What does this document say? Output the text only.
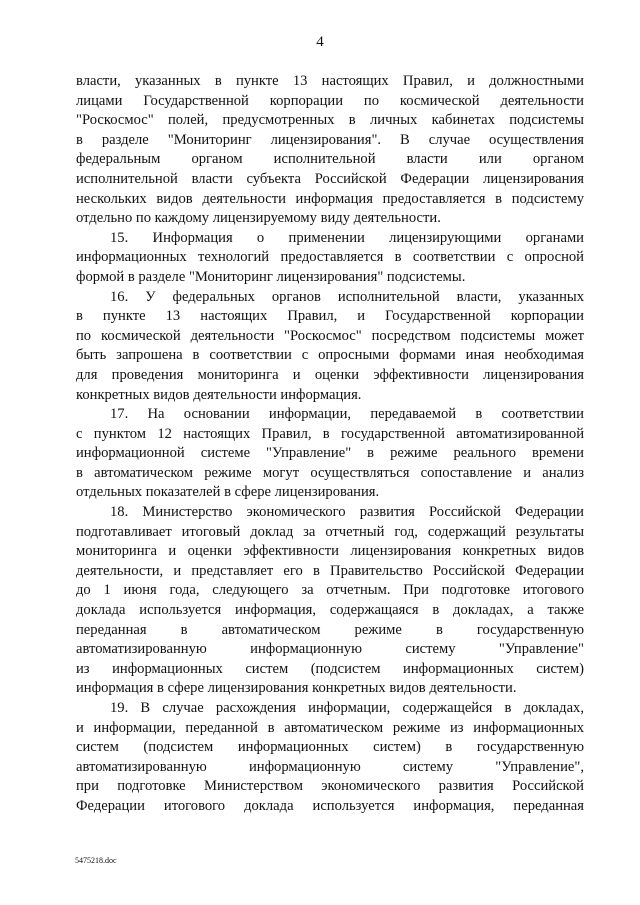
4
власти, указанных в пункте 13 настоящих Правил, и должностными
лицами Государственной корпорации по космической деятельности
"Роскосмос" полей, предусмотренных в личных кабинетах подсистемы
в разделе "Мониторинг лицензирования". В случае осуществления
федеральным органом исполнительной власти или органом
исполнительной власти субъекта Российской Федерации лицензирования
нескольких видов деятельности информация предоставляется в подсистему
отдельно по каждому лицензируемому виду деятельности.
15. Информация о применении лицензирующими органами
информационных технологий предоставляется в соответствии с опросной
формой в разделе "Мониторинг лицензирования" подсистемы.
16. У федеральных органов исполнительной власти, указанных
в пункте 13 настоящих Правил, и Государственной корпорации
по космической деятельности "Роскосмос" посредством подсистемы может
быть запрошена в соответствии с опросными формами иная необходимая
для проведения мониторинга и оценки эффективности лицензирования
конкретных видов деятельности информация.
17. На основании информации, передаваемой в соответствии
с пунктом 12 настоящих Правил, в государственной автоматизированной
информационной системе "Управление" в режиме реального времени
в автоматическом режиме могут осуществляться сопоставление и анализ
отдельных показателей в сфере лицензирования.
18. Министерство экономического развития Российской Федерации
подготавливает итоговый доклад за отчетный год, содержащий результаты
мониторинга и оценки эффективности лицензирования конкретных видов
деятельности, и представляет его в Правительство Российской Федерации
до 1 июня года, следующего за отчетным. При подготовке итогового
доклада используется информация, содержащаяся в докладах, а также
переданная в автоматическом режиме в государственную
автоматизированную информационную систему "Управление"
из информационных систем (подсистем информационных систем)
информация в сфере лицензирования конкретных видов деятельности.
19. В случае расхождения информации, содержащейся в докладах,
и информации, переданной в автоматическом режиме из информационных
систем (подсистем информационных систем) в государственную
автоматизированную информационную систему "Управление",
при подготовке Министерством экономического развития Российской
Федерации итогового доклада используется информация, переданная
5475218.doc
